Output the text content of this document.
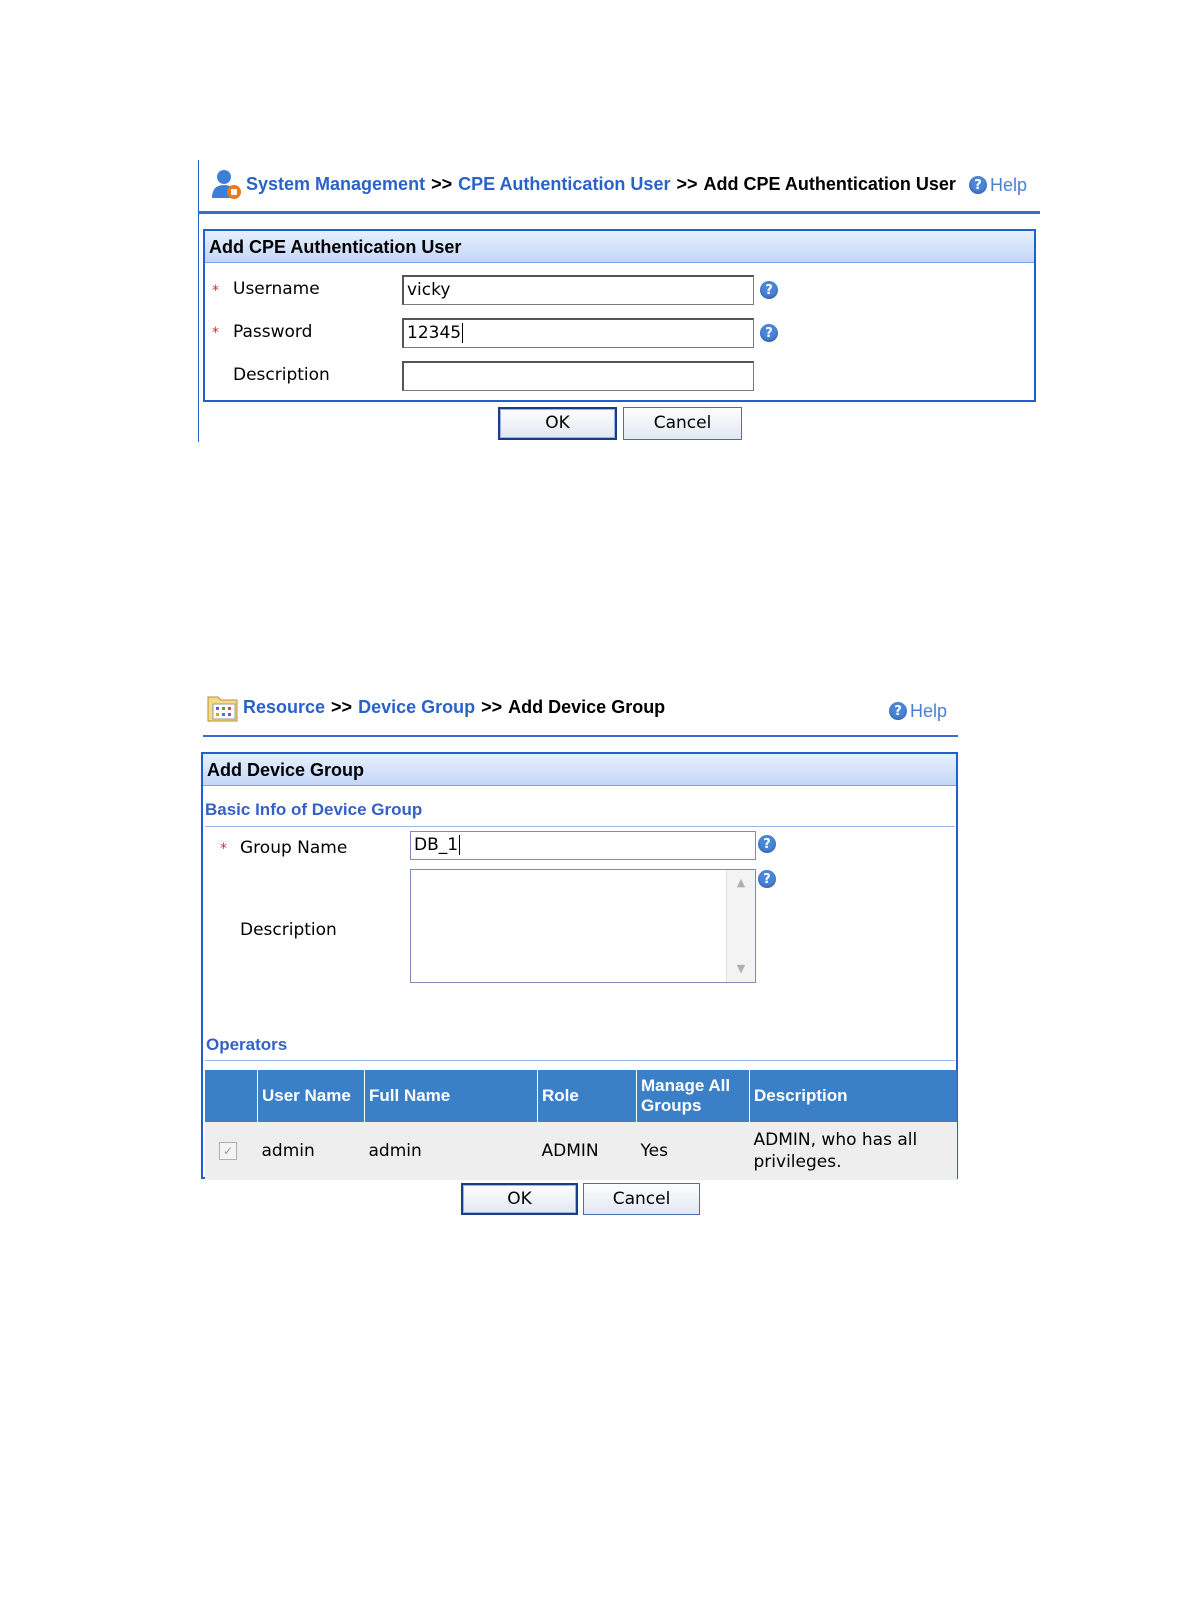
System Management >> CPE Authentication User >> Add CPE Authentication User	? Help
Add CPE Authentication User
* Username	vicky	?
* Password	12345	?
Description
OK	Cancel
Resource >> Device Group >> Add Device Group	? Help
Add Device Group
Basic Info of Device Group
* Group Name	DB_1	?
Description
▲
▼
?
Operators
	User Name	Full Name	Role	Manage All Groups	Description

✓	admin	admin	ADMIN	Yes	ADMIN, who has all privileges.
OK	Cancel
